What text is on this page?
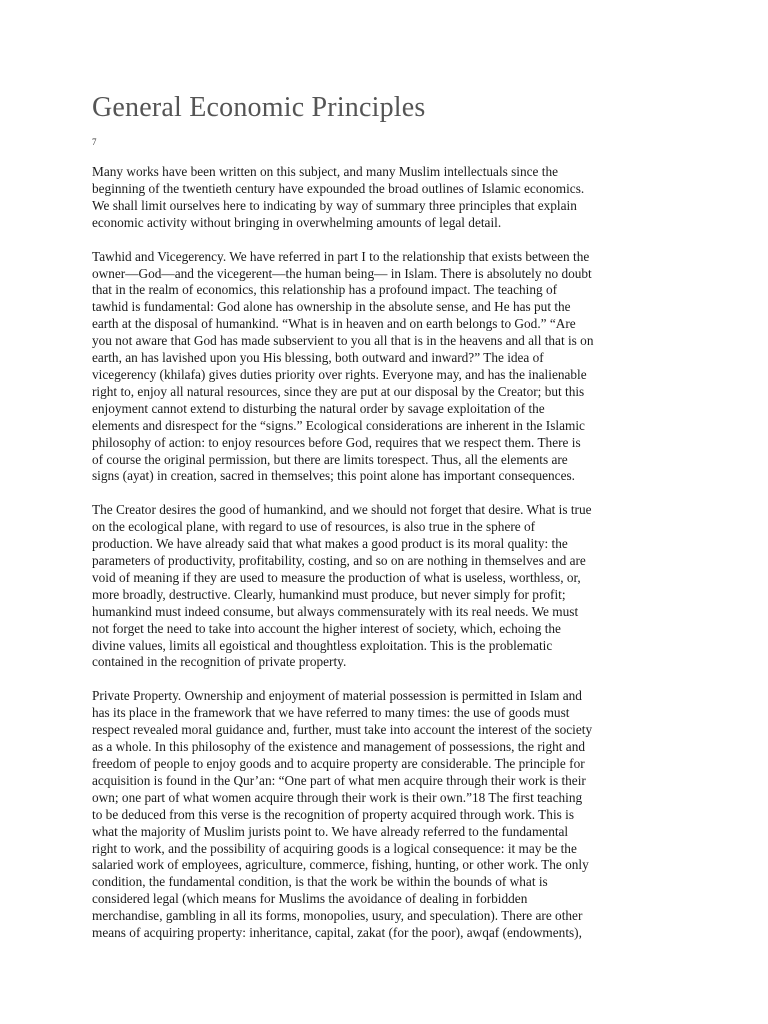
General Economic Principles
7

Many works have been written on this subject, and many Muslim intellectuals since the
beginning of the twentieth century have expounded the broad outlines of Islamic economics.
We shall limit ourselves here to indicating by way of summary three principles that explain
economic activity without bringing in overwhelming amounts of legal detail.

Tawhid and Vicegerency. We have referred in part I to the relationship that exists between the
owner—God—and the vicegerent—the human being— in Islam. There is absolutely no doubt
that in the realm of economics, this relationship has a profound impact. The teaching of
tawhid is fundamental: God alone has ownership in the absolute sense, and He has put the
earth at the disposal of humankind. “What is in heaven and on earth belongs to God.” “Are
you not aware that God has made subservient to you all that is in the heavens and all that is on
earth, an has lavished upon you His blessing, both outward and inward?” The idea of
vicegerency (khilafa) gives duties priority over rights. Everyone may, and has the inalienable
right to, enjoy all natural resources, since they are put at our disposal by the Creator; but this
enjoyment cannot extend to disturbing the natural order by savage exploitation of the
elements and disrespect for the “signs.” Ecological considerations are inherent in the Islamic
philosophy of action: to enjoy resources before God, requires that we respect them. There is
of course the original permission, but there are limits torespect. Thus, all the elements are
signs (ayat) in creation, sacred in themselves; this point alone has important consequences.

The Creator desires the good of humankind, and we should not forget that desire. What is true
on the ecological plane, with regard to use of resources, is also true in the sphere of
production. We have already said that what makes a good product is its moral quality: the
parameters of productivity, profitability, costing, and so on are nothing in themselves and are
void of meaning if they are used to measure the production of what is useless, worthless, or,
more broadly, destructive. Clearly, humankind must produce, but never simply for profit;
humankind must indeed consume, but always commensurately with its real needs. We must
not forget the need to take into account the higher interest of society, which, echoing the
divine values, limits all egoistical and thoughtless exploitation. This is the problematic
contained in the recognition of private property.

Private Property. Ownership and enjoyment of material possession is permitted in Islam and
has its place in the framework that we have referred to many times: the use of goods must
respect revealed moral guidance and, further, must take into account the interest of the society
as a whole. In this philosophy of the existence and management of possessions, the right and
freedom of people to enjoy goods and to acquire property are considerable. The principle for
acquisition is found in the Qur’an: “One part of what men acquire through their work is their
own; one part of what women acquire through their work is their own.”18 The first teaching
to be deduced from this verse is the recognition of property acquired through work. This is
what the majority of Muslim jurists point to. We have already referred to the fundamental
right to work, and the possibility of acquiring goods is a logical consequence: it may be the
salaried work of employees, agriculture, commerce, fishing, hunting, or other work. The only
condition, the fundamental condition, is that the work be within the bounds of what is
considered legal (which means for Muslims the avoidance of dealing in forbidden
merchandise, gambling in all its forms, monopolies, usury, and speculation). There are other
means of acquiring property: inheritance, capital, zakat (for the poor), awqaf (endowments),
